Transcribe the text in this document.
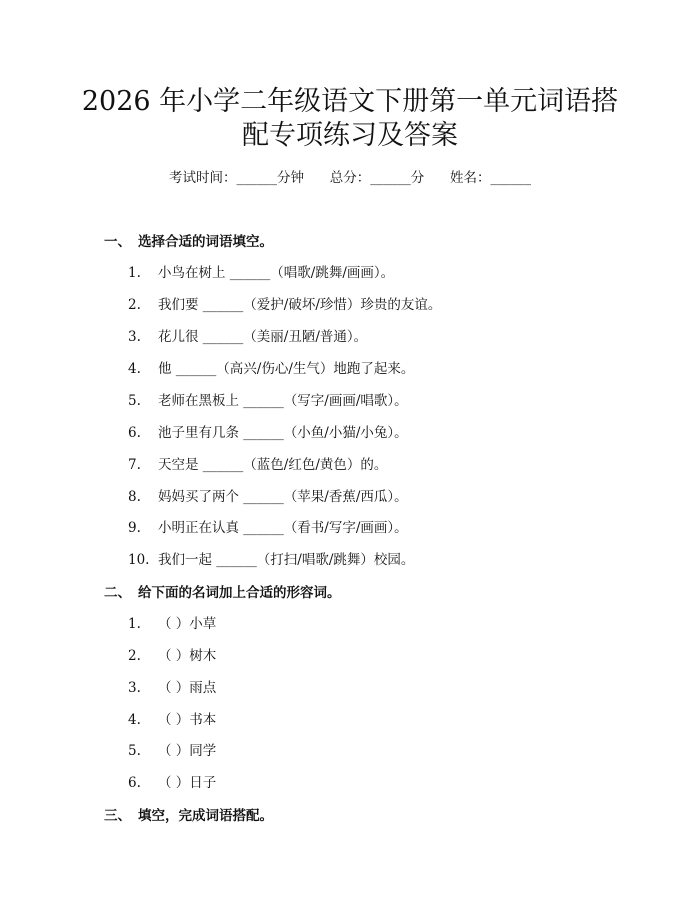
2026 年小学二年级语文下册第一单元词语搭
配专项练习及答案
考试时间：______分钟 总分：______分 姓名：______
一、 选择合适的词语填空。
1. 小鸟在树上 ______（唱歌/跳舞/画画）。
2. 我们要 ______（爱护/破坏/珍惜）珍贵的友谊。
3. 花儿很 ______（美丽/丑陋/普通）。
4. 他 ______（高兴/伤心/生气）地跑了起来。
5. 老师在黑板上 ______（写字/画画/唱歌）。
6. 池子里有几条 ______（小鱼/小猫/小兔）。
7. 天空是 ______（蓝色/红色/黄色）的。
8. 妈妈买了两个 ______（苹果/香蕉/西瓜）。
9. 小明正在认真 ______（看书/写字/画画）。
10. 我们一起 ______（打扫/唱歌/跳舞）校园。
二、 给下面的名词加上合适的形容词。
1. （ ）小草
2. （ ）树木
3. （ ）雨点
4. （ ）书本
5. （ ）同学
6. （ ）日子
三、 填空，完成词语搭配。
